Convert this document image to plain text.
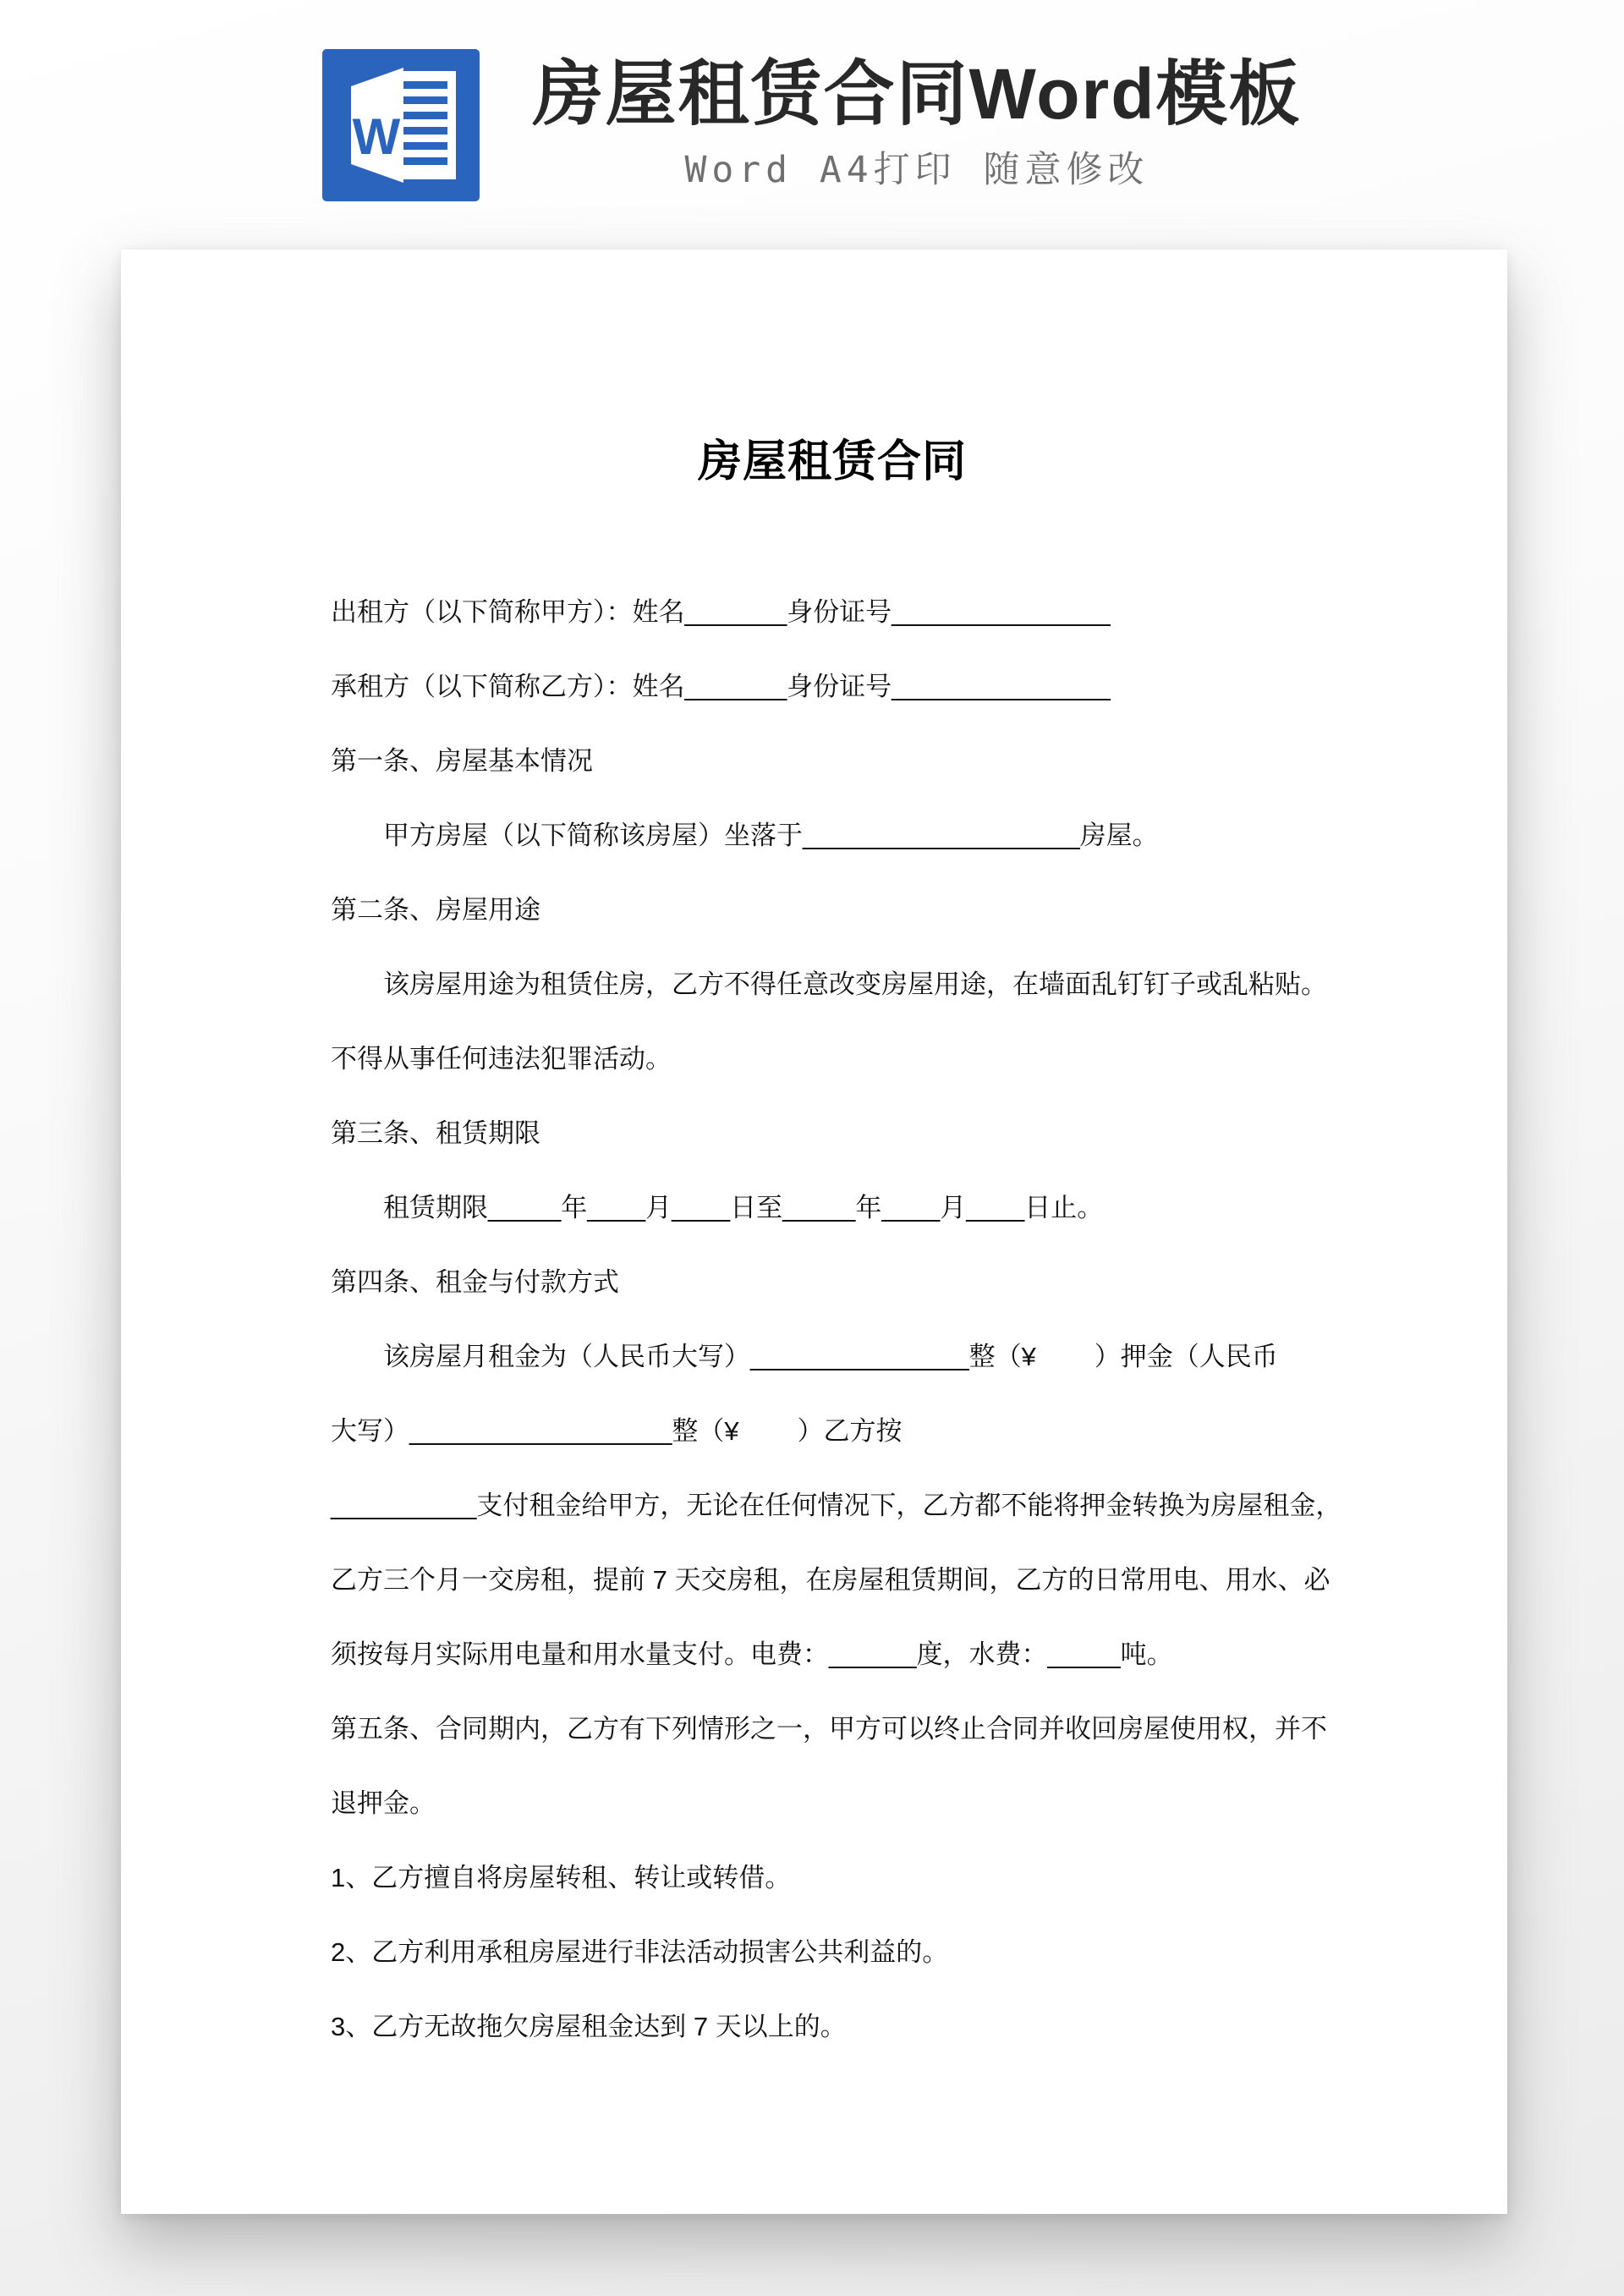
W
房屋租赁合同Word模板
Word A4打印 随意修改
房屋租赁合同

出租方（以下简称甲方）：姓名_______身份证号_______________

承租方（以下简称乙方）：姓名_______身份证号_______________

第一条、房屋基本情况

甲方房屋（以下简称该房屋）坐落于___________________房屋。

第二条、房屋用途

该房屋用途为租赁住房，乙方不得任意改变房屋用途，在墙面乱钉钉子或乱粘贴。

不得从事任何违法犯罪活动。

第三条、租赁期限

租赁期限_____年____月____日至_____年____月____日止。

第四条、租金与付款方式

该房屋月租金为（人民币大写）_______________整（¥        ）押金（人民币

大写）__________________整（¥        ）乙方按

__________支付租金给甲方，无论在任何情况下，乙方都不能将押金转换为房屋租金，

乙方三个月一交房租，提前 7 天交房租，在房屋租赁期间，乙方的日常用电、用水、必

须按每月实际用电量和用水量支付。电费：______度，水费：_____吨。

第五条、合同期内，乙方有下列情形之一，甲方可以终止合同并收回房屋使用权，并不

退押金。

1、乙方擅自将房屋转租、转让或转借。

2、乙方利用承租房屋进行非法活动损害公共利益的。

3、乙方无故拖欠房屋租金达到 7 天以上的。
